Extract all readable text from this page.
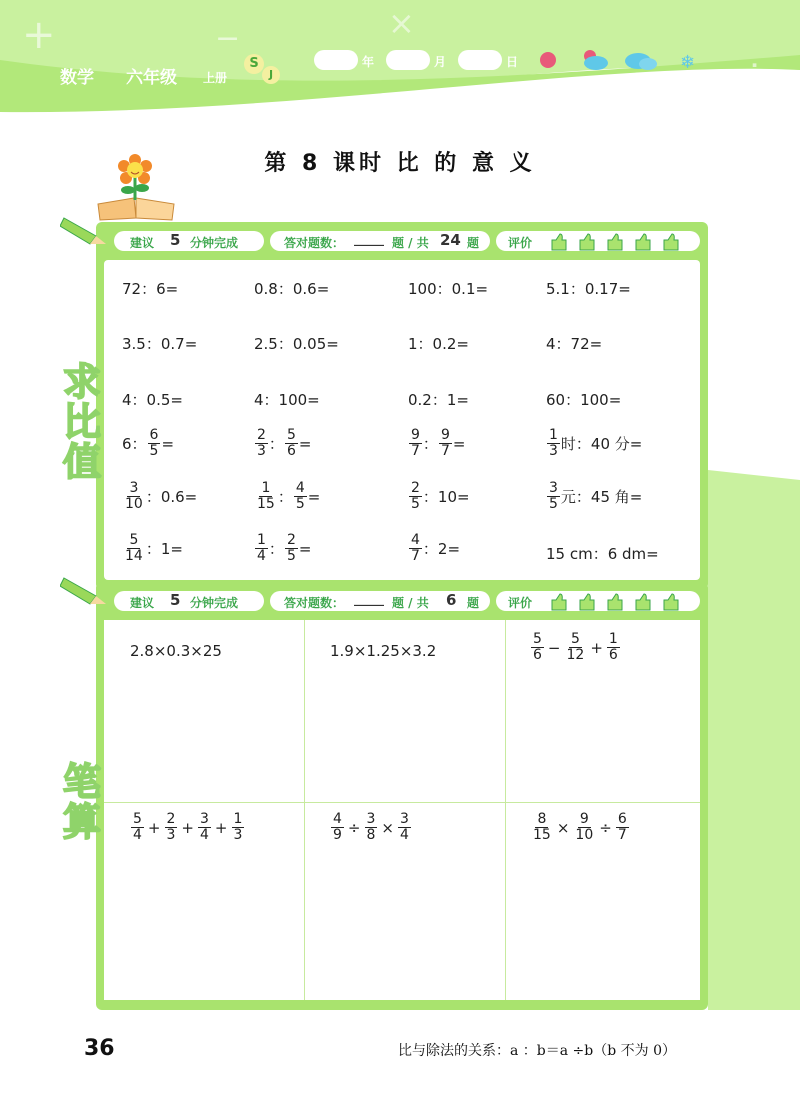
+	−	×
÷
数学 六年级 上册
S
J
年	月	日	❄
第 8 课时 比 的 意 义
建议 5 分钟完成	答对题数： _____ 题 / 共 24 题 评价
求
比
值
72：6=	0.8：0.6=	100：0.1=	5.1：0.17=
3.5：0.7=	2.5：0.05=	1：0.2=	4：72=
4：0.5=	4：100=	0.2：1=	60：100=
6： $\frac{6}{5}$ =	$\frac{2}{3}$ ： $\frac{5}{6}$ =	$\frac{9}{7}$ ： $\frac{9}{7}$ =	$\frac{1}{3}$ 时：40 分=
$\frac{3}{10}$ ：0.6=	$\frac{1}{15}$ ： $\frac{4}{5}$ =	$\frac{2}{5}$ ：10=	$\frac{3}{5}$ 元：45 角=
$\frac{5}{14}$ ：1=	$\frac{1}{4}$ ： $\frac{2}{5}$ =	$\frac{4}{7}$ ：2=	15 cm：6 dm=
建议 5 分钟完成	答对题数： _____ 题 / 共 6 题 评价
笔
算
2.8×0.3×25	1.9×1.25×3.2	$\frac{5}{6} - \frac{5}{12} + \frac{1}{6}$
$\frac{5}{4} + \frac{2}{3} + \frac{3}{4} + \frac{1}{3}$	$\frac{4}{9} \div \frac{3}{8} \times \frac{3}{4}$	$\frac{8}{15} \times \frac{9}{10} \div \frac{6}{7}$
36	比与除法的关系：a ：b＝a ÷b（b 不为 0）
